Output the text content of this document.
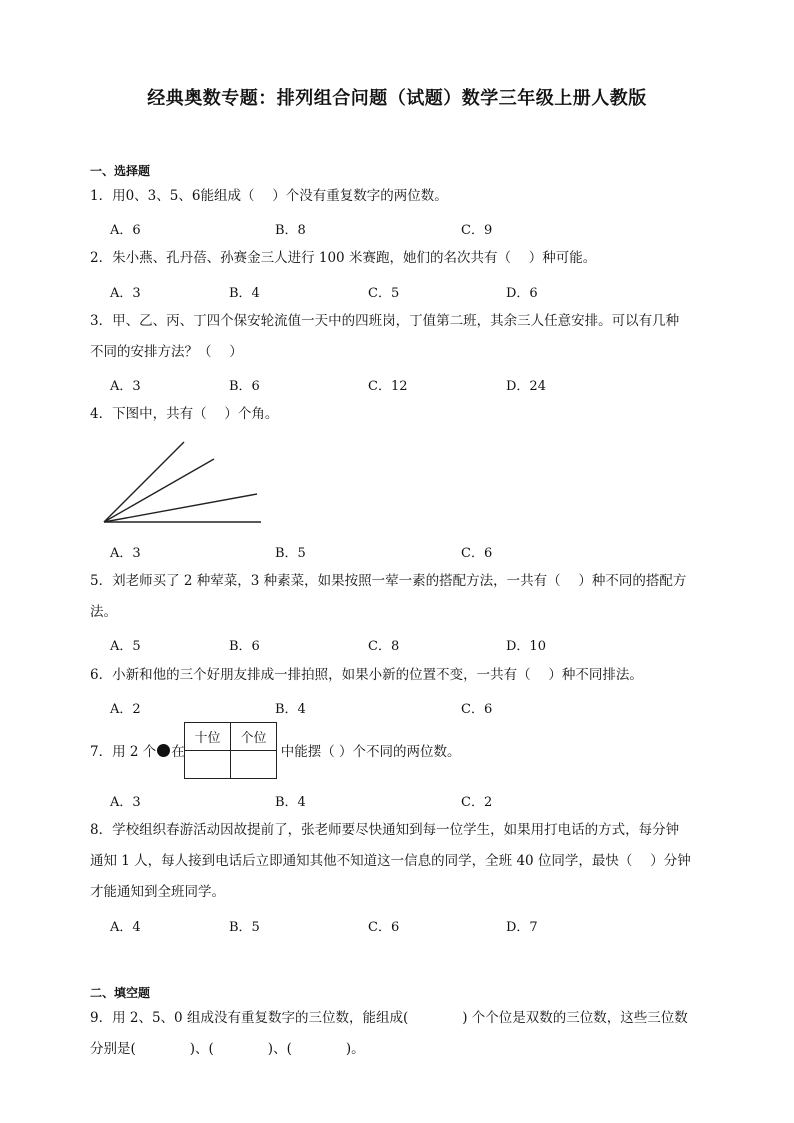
经典奥数专题：排列组合问题（试题）数学三年级上册人教版
一、选择题
1．用0、3、5、6能组成（　 ）个没有重复数字的两位数。
A．6	B．8	C．9
2．朱小燕、孔丹蓓、孙赛金三人进行 100 米赛跑，她们的名次共有（　 ）种可能。
A．3	B．4	C．5	D．6
3．甲、乙、丙、丁四个保安轮流值一天中的四班岗，丁值第二班，其余三人任意安排。可以有几种
不同的安排方法？（　 ）
A．3	B．6	C．12	D．24
4．下图中，共有（　 ）个角。
A．3	B．5	C．6
5．刘老师买了 2 种荤菜，3 种素菜，如果按照一荤一素的搭配方法，一共有（　 ）种不同的搭配方
法。
A．5	B．6	C．8	D．10
6．小新和他的三个好朋友排成一排拍照，如果小新的位置不变，一共有（　 ）种不同排法。
A．2	B．4	C．6
7．用 2 个 在	中能摆（ ）个不同的两位数。
十位	个位

A．3	B．4	C．2
8．学校组织春游活动因故提前了，张老师要尽快通知到每一位学生，如果用打电话的方式，每分钟
通知 1 人，每人接到电话后立即通知其他不知道这一信息的同学，全班 40 位同学，最快（　 ）分钟
才能通知到全班同学。
A．4	B．5	C．6	D．7
二、填空题
9．用 2、5、0 组成没有重复数字的三位数，能组成(　　　　) 个个位是双数的三位数，这些三位数
分别是(　　　　)、(　　　　)、(　　　　)。
